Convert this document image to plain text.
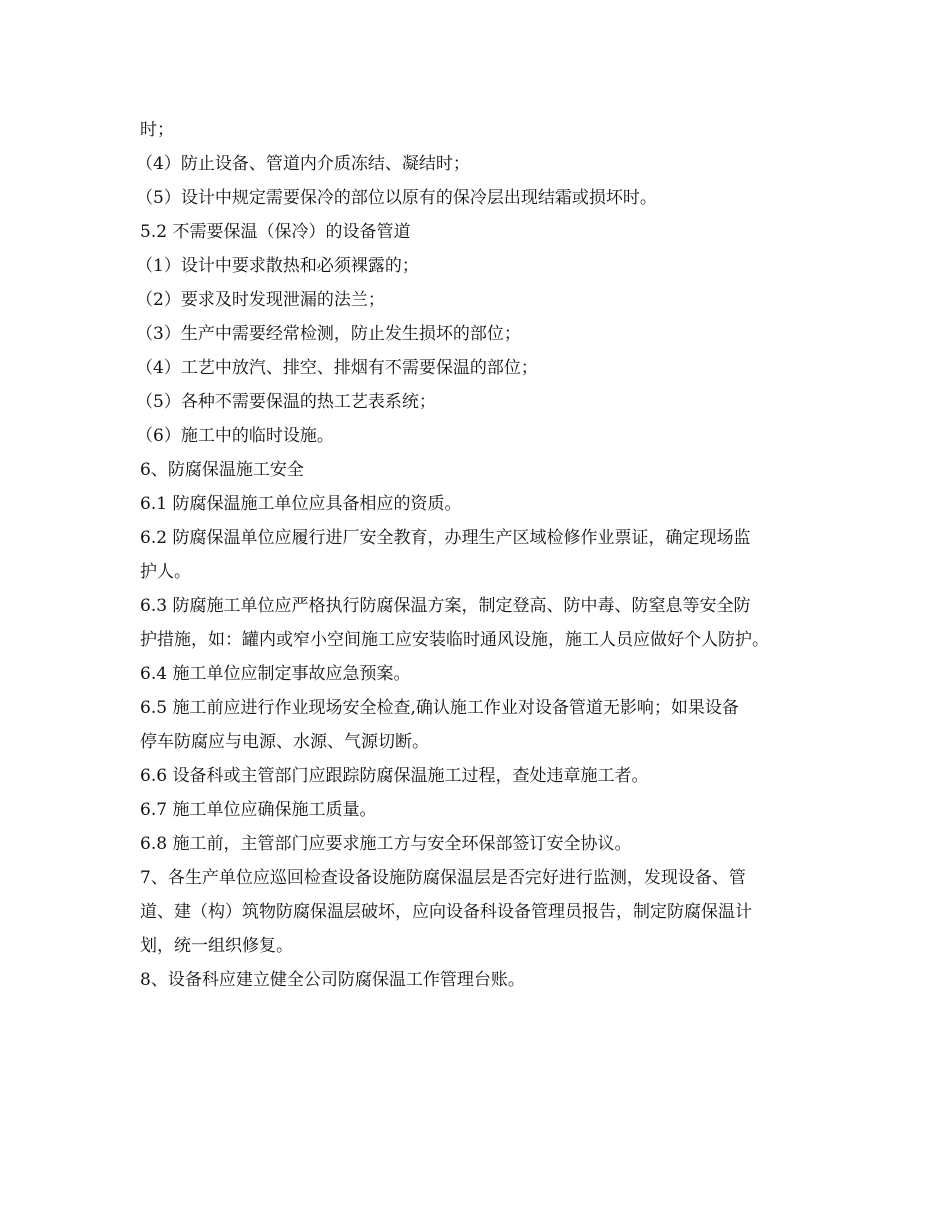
时；
（4）防止设备、管道内介质冻结、凝结时；
（5）设计中规定需要保冷的部位以原有的保冷层出现结霜或损坏时。
5.2 不需要保温（保冷）的设备管道
（1）设计中要求散热和必须裸露的；
（2）要求及时发现泄漏的法兰；
（3）生产中需要经常检测，防止发生损坏的部位；
（4）工艺中放汽、排空、排烟有不需要保温的部位；
（5）各种不需要保温的热工艺表系统；
（6）施工中的临时设施。
6、防腐保温施工安全
6.1 防腐保温施工单位应具备相应的资质。
6.2 防腐保温单位应履行进厂安全教育，办理生产区域检修作业票证，确定现场监
护人。
6.3 防腐施工单位应严格执行防腐保温方案，制定登高、防中毒、防窒息等安全防
护措施，如：罐内或窄小空间施工应安装临时通风设施，施工人员应做好个人防护。
6.4 施工单位应制定事故应急预案。
6.5 施工前应进行作业现场安全检查,确认施工作业对设备管道无影响；如果设备
停车防腐应与电源、水源、气源切断。
6.6 设备科或主管部门应跟踪防腐保温施工过程，查处违章施工者。
6.7 施工单位应确保施工质量。
6.8 施工前，主管部门应要求施工方与安全环保部签订安全协议。
7、各生产单位应巡回检查设备设施防腐保温层是否完好进行监测，发现设备、管
道、建（构）筑物防腐保温层破坏，应向设备科设备管理员报告，制定防腐保温计
划，统一组织修复。
8、设备科应建立健全公司防腐保温工作管理台账。
